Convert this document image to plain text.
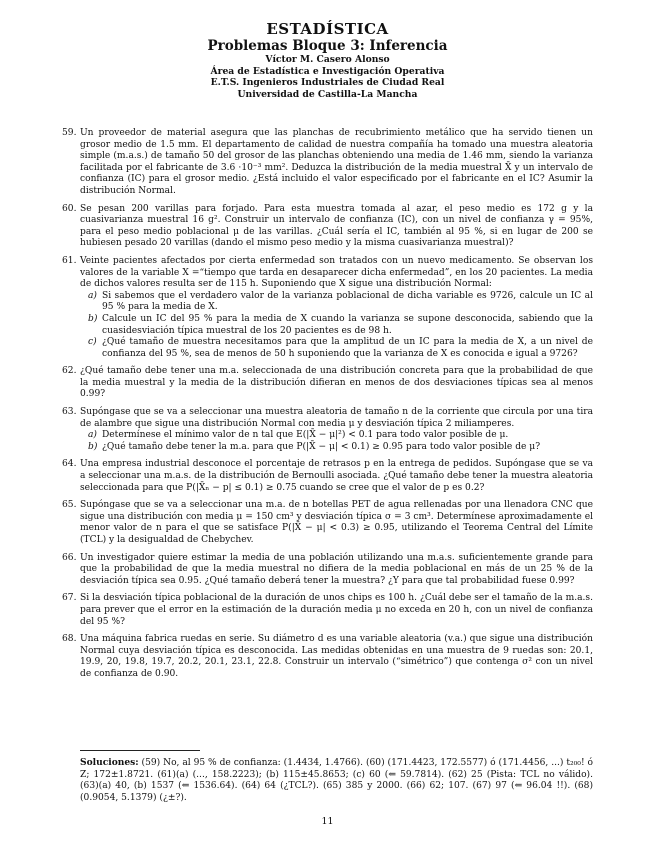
ESTADÍSTICA

Problemas Bloque 3: Inferencia

Víctor M. Casero Alonso

Área de Estadística e Investigación Operativa

E.T.S. Ingenieros Industriales de Ciudad Real

Universidad de Castilla-La Mancha

59. Un proveedor de material asegura que las planchas de recubrimiento metálico que ha servido tienen un grosor medio de 1.5 mm. El departamento de calidad de nuestra compañía ha tomado una muestra aleatoria simple (m.a.s.) de tamaño 50 del grosor de las planchas obteniendo una media de 1.46 mm, siendo la varianza facilitada por el fabricante de 3.6 ·10⁻³ mm². Deduzca la distribución de la media muestral X̄ y un intervalo de confianza (IC) para el grosor medio. ¿Está incluido el valor especificado por el fabricante en el IC? Asumir la distribución Normal.
60. Se pesan 200 varillas para forjado. Para esta muestra tomada al azar, el peso medio es 172 g y la cuasivarianza muestral 16 g². Construir un intervalo de confianza (IC), con un nivel de confianza γ = 95%, para el peso medio poblacional μ de las varillas. ¿Cuál sería el IC, también al 95 %, si en lugar de 200 se hubiesen pesado 20 varillas (dando el mismo peso medio y la misma cuasivarianza muestral)?
61. Veinte pacientes afectados por cierta enfermedad son tratados con un nuevo medicamento. Se observan los valores de la variable X =“tiempo que tarda en desaparecer dicha enfermedad”, en los 20 pacientes. La media de dichos valores resulta ser de 115 h. Suponiendo que X sigue una distribución Normal:
a) Si sabemos que el verdadero valor de la varianza poblacional de dicha variable es 9726, calcule un IC al 95 % para la media de X.
b) Calcule un IC del 95 % para la media de X cuando la varianza se supone desconocida, sabiendo que la cuasidesviación típica muestral de los 20 pacientes es de 98 h.
c) ¿Qué tamaño de muestra necesitamos para que la amplitud de un IC para la media de X, a un nivel de confianza del 95 %, sea de menos de 50 h suponiendo que la varianza de X es conocida e igual a 9726?
62. ¿Qué tamaño debe tener una m.a. seleccionada de una distribución concreta para que la probabilidad de que la media muestral y la media de la distribución difieran en menos de dos desviaciones típicas sea al menos 0.99?
63. Supóngase que se va a seleccionar una muestra aleatoria de tamaño n de la corriente que circula por una tira de alambre que sigue una distribución Normal con media μ y desviación típica 2 miliamperes.
a) Determínese el mínimo valor de n tal que E(|X̄ − μ|²) < 0.1 para todo valor posible de μ.
b) ¿Qué tamaño debe tener la m.a. para que P(|X̄ − μ| < 0.1) ≥ 0.95 para todo valor posible de μ?
64. Una empresa industrial desconoce el porcentaje de retrasos p en la entrega de pedidos. Supóngase que se va a seleccionar una m.a.s. de la distribución de Bernoulli asociada. ¿Qué tamaño debe tener la muestra aleatoria seleccionada para que P(|X̄ₙ − p| ≤ 0.1) ≥ 0.75 cuando se cree que el valor de p es 0.2?
65. Supóngase que se va a seleccionar una m.a. de n botellas PET de agua rellenadas por una llenadora CNC que sigue una distribución con media μ = 150 cm³ y desviación típica σ = 3 cm³. Determínese aproximadamente el menor valor de n para el que se satisface P(|X̄ − μ| < 0.3) ≥ 0.95, utilizando el Teorema Central del Límite (TCL) y la desigualdad de Chebychev.
66. Un investigador quiere estimar la media de una población utilizando una m.a.s. suficientemente grande para que la probabilidad de que la media muestral no difiera de la media poblacional en más de un 25 % de la desviación típica sea 0.95. ¿Qué tamaño deberá tener la muestra? ¿Y para que tal probabilidad fuese 0.99?
67. Si la desviación típica poblacional de la duración de unos chips es 100 h. ¿Cuál debe ser el tamaño de la m.a.s. para prever que el error en la estimación de la duración media μ no exceda en 20 h, con un nivel de confianza del 95 %?
68. Una máquina fabrica ruedas en serie. Su diámetro d es una variable aleatoria (v.a.) que sigue una distribución Normal cuya desviación típica es desconocida. Las medidas obtenidas en una muestra de 9 ruedas son: 20.1, 19.9, 20, 19.8, 19.7, 20.2, 20.1, 23.1, 22.8. Construir un intervalo (“simétrico”) que contenga σ² con un nivel de confianza de 0.90.
Soluciones: (59) No, al 95 % de confianza: (1.4434, 1.4766). (60) (171.4423, 172.5577) ó (171.4456, ...) t₂₀₀! ó Z; 172±1.8721. (61)(a) (..., 158.2223); (b) 115±45.8653; (c) 60 (⇐ 59.7814). (62) 25 (Pista: TCL no válido). (63)(a) 40, (b) 1537 (⇐ 1536.64). (64) 64 (¿TCL?). (65) 385 y 2000. (66) 62; 107. (67) 97 (⇐ 96.04 !!). (68) (0.9054, 5.1379) (¿±?).
11
